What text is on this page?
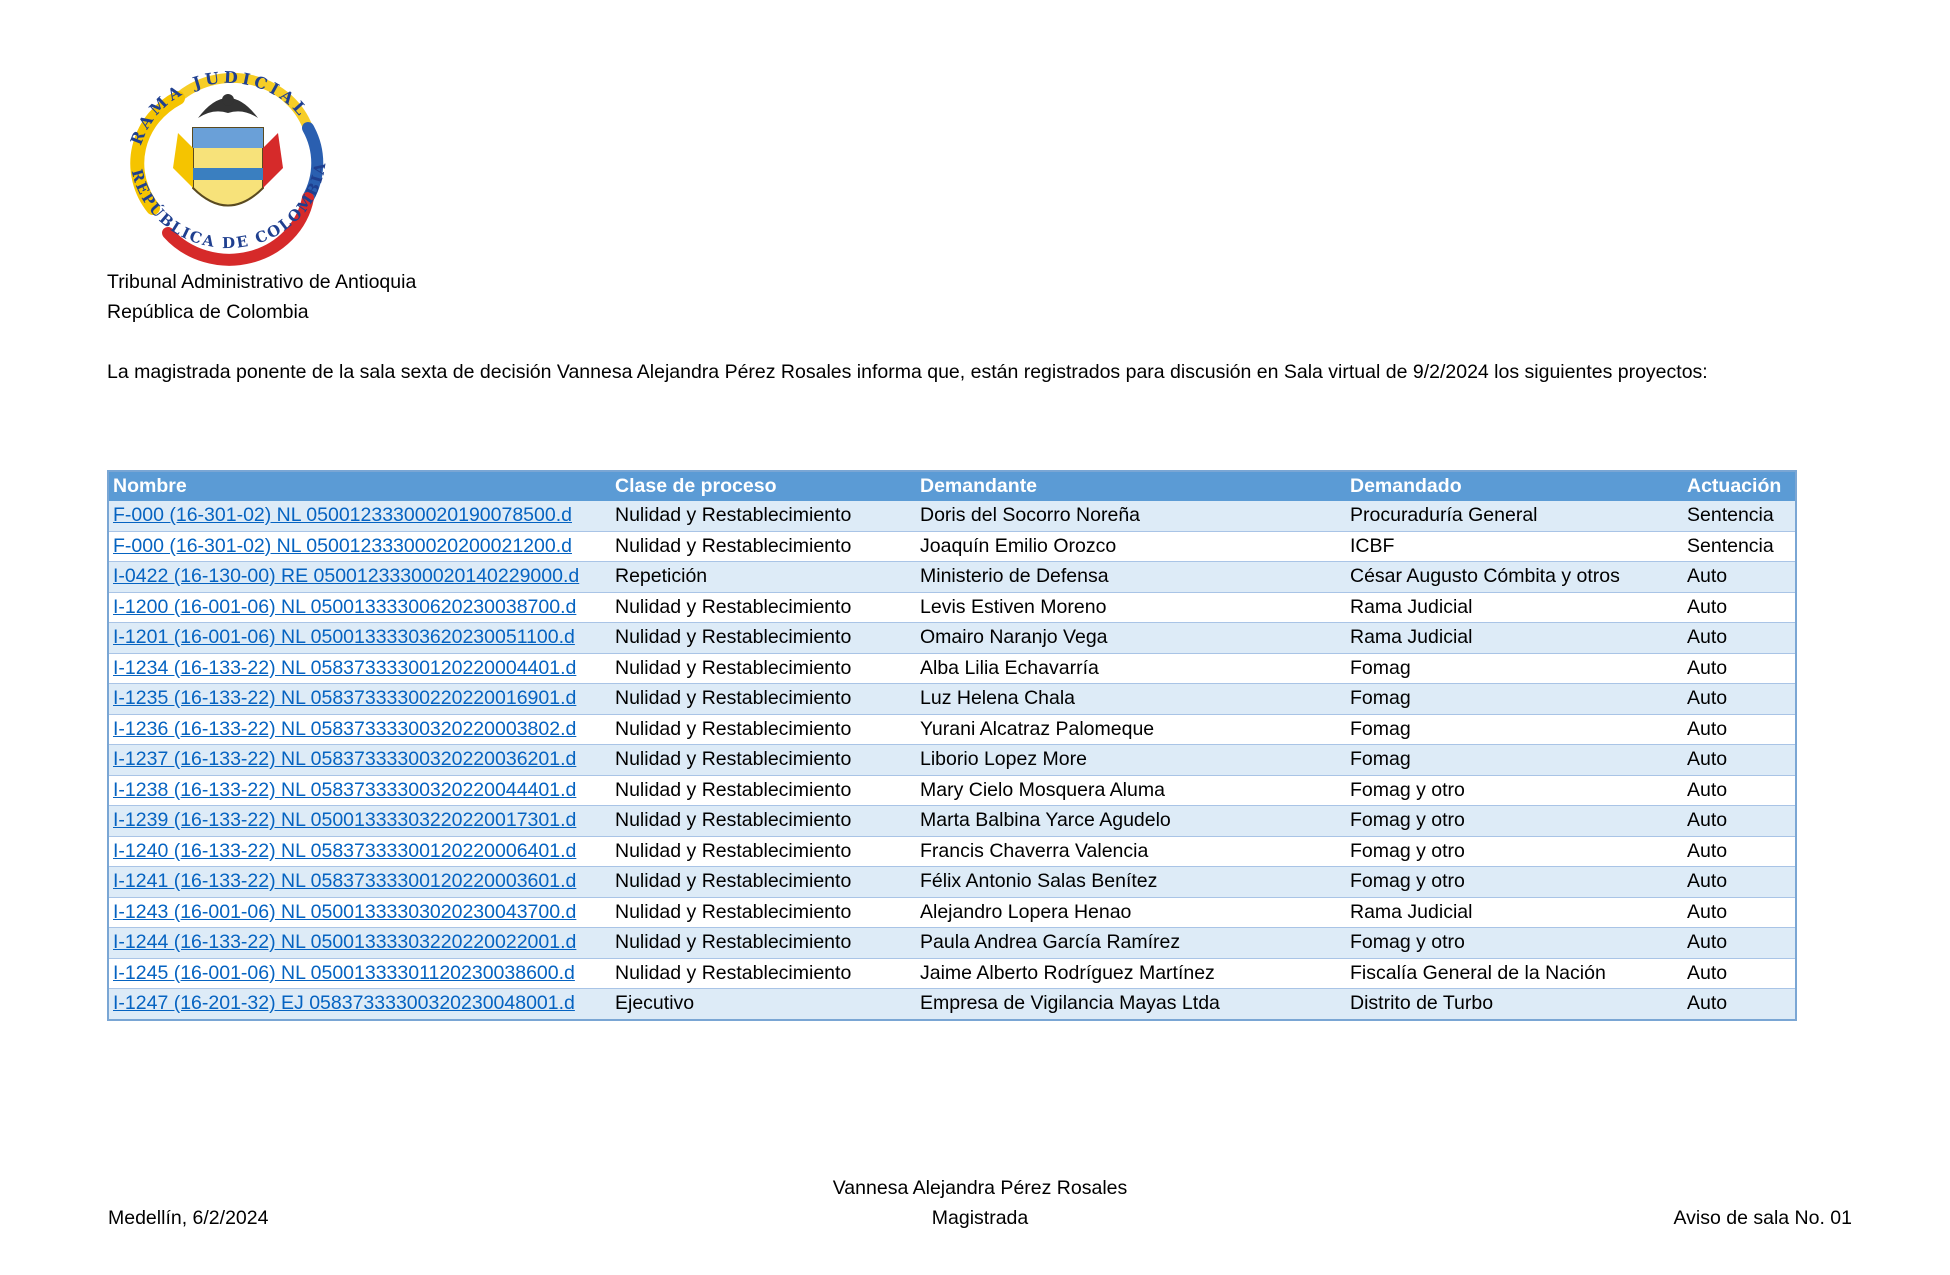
RAMA JUDICIAL
REPÚBLICA DE COLOMBIA
Tribunal Administrativo de Antioquia
República de Colombia
La magistrada ponente de la sala sexta de decisión Vannesa Alejandra Pérez Rosales informa que, están registrados para discusión en Sala virtual de 9/2/2024 los siguientes proyectos:
Nombre	Clase de proceso	Demandante	Demandado	Actuación
F-000 (16-301-02) NL 05001233300020190078500.d	Nulidad y Restablecimiento	Doris del Socorro Noreña	Procuraduría General	Sentencia
F-000 (16-301-02) NL 05001233300020200021200.d	Nulidad y Restablecimiento	Joaquín Emilio Orozco	ICBF	Sentencia
I-0422 (16-130-00) RE 05001233300020140229000.d	Repetición	Ministerio de Defensa	César Augusto Cómbita y otros	Auto
I-1200 (16-001-06) NL 05001333300620230038700.d	Nulidad y Restablecimiento	Levis Estiven Moreno	Rama Judicial	Auto
I-1201 (16-001-06) NL 05001333303620230051100.d	Nulidad y Restablecimiento	Omairo Naranjo Vega	Rama Judicial	Auto
I-1234 (16-133-22) NL 05837333300120220004401.d	Nulidad y Restablecimiento	Alba Lilia Echavarría	Fomag	Auto
I-1235 (16-133-22) NL 05837333300220220016901.d	Nulidad y Restablecimiento	Luz Helena Chala	Fomag	Auto
I-1236 (16-133-22) NL 05837333300320220003802.d	Nulidad y Restablecimiento	Yurani Alcatraz Palomeque	Fomag	Auto
I-1237 (16-133-22) NL 05837333300320220036201.d	Nulidad y Restablecimiento	Liborio Lopez More	Fomag	Auto
I-1238 (16-133-22) NL 05837333300320220044401.d	Nulidad y Restablecimiento	Mary Cielo Mosquera Aluma	Fomag y otro	Auto
I-1239 (16-133-22) NL 05001333303220220017301.d	Nulidad y Restablecimiento	Marta Balbina Yarce Agudelo	Fomag y otro	Auto
I-1240 (16-133-22) NL 05837333300120220006401.d	Nulidad y Restablecimiento	Francis Chaverra Valencia	Fomag y otro	Auto
I-1241 (16-133-22) NL 05837333300120220003601.d	Nulidad y Restablecimiento	Félix Antonio Salas Benítez	Fomag y otro	Auto
I-1243 (16-001-06) NL 05001333303020230043700.d	Nulidad y Restablecimiento	Alejandro Lopera Henao	Rama Judicial	Auto
I-1244 (16-133-22) NL 05001333303220220022001.d	Nulidad y Restablecimiento	Paula Andrea García Ramírez	Fomag y otro	Auto
I-1245 (16-001-06) NL 05001333301120230038600.d	Nulidad y Restablecimiento	Jaime Alberto Rodríguez Martínez	Fiscalía General de la Nación	Auto
I-1247 (16-201-32) EJ 05837333300320230048001.d	Ejecutivo	Empresa de Vigilancia Mayas Ltda	Distrito de Turbo	Auto
Medellín, 6/2/2024
Vannesa Alejandra Pérez Rosales
Magistrada	Aviso de sala No. 01
